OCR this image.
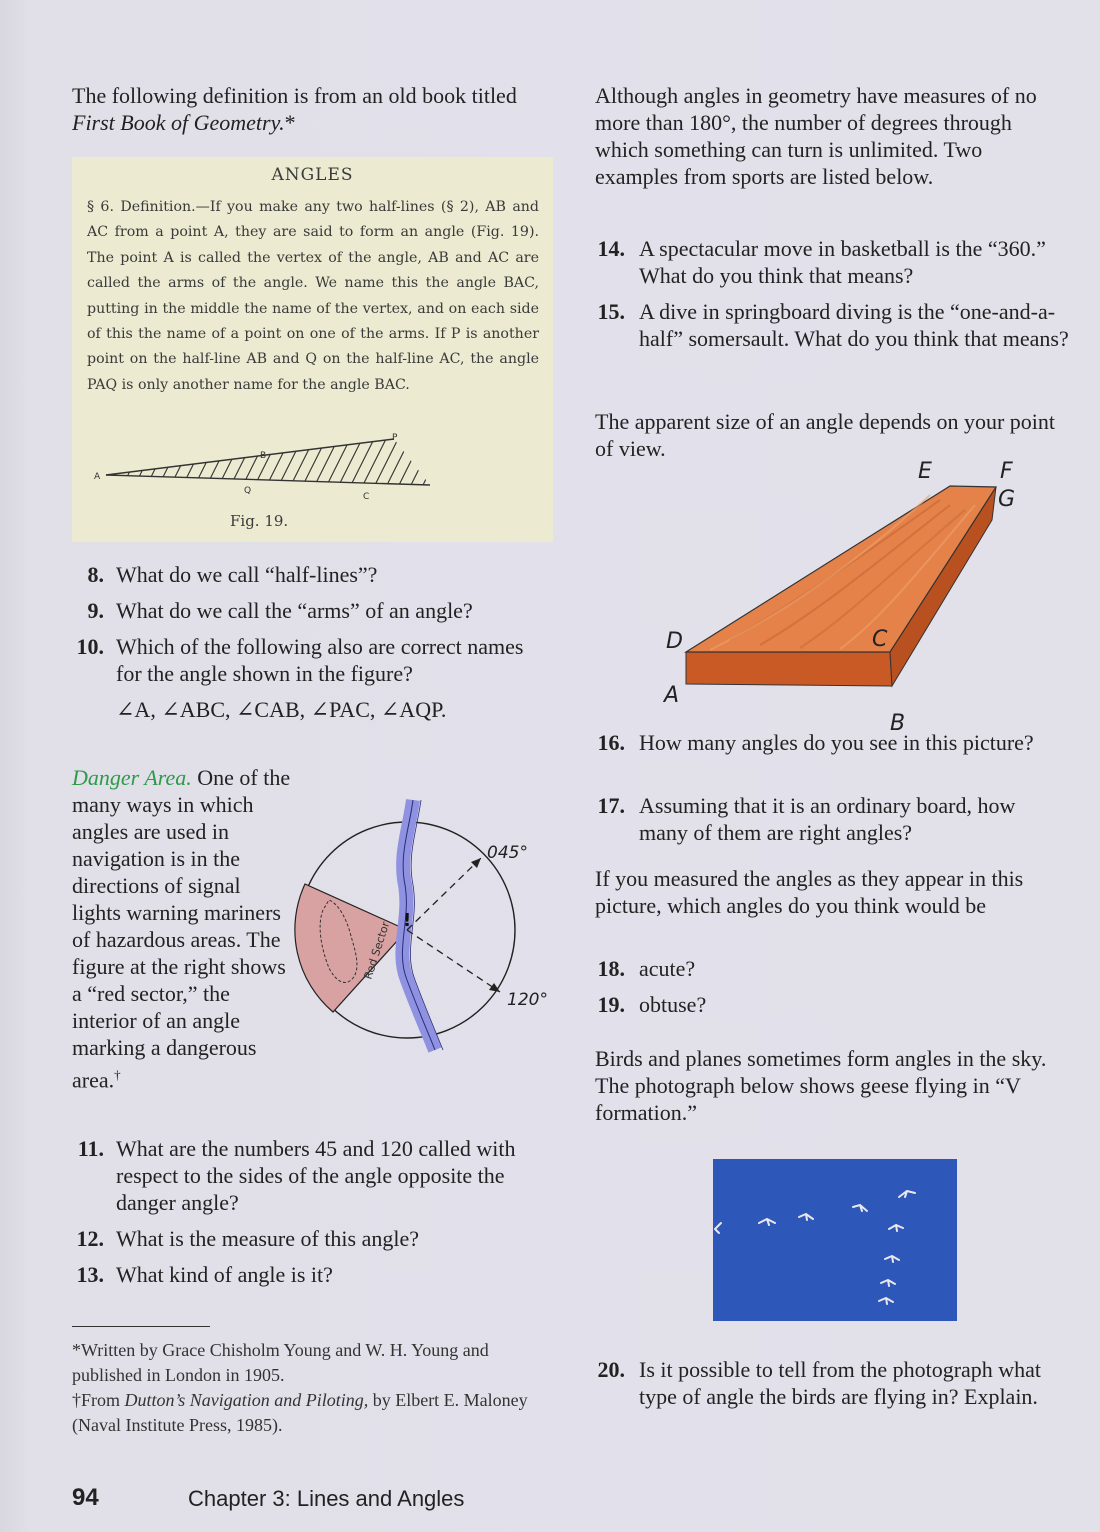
The following definition is from an old book titled First Book of Geometry.*

ANGLES
§ 6. Definition.—If you make any two half-lines (§ 2), AB and AC from a point A, they are said to form an angle (Fig. 19). The point A is called the vertex of the angle, AB and AC are called the arms of the angle. We name this the angle BAC, putting in the middle the name of the vertex, and on each side of this the name of a point on one of the arms. If P is another point on the half-line AB and Q on the half-line AC, the angle PAQ is only another name for the angle BAC.
A
B
P
Q
C
Fig. 19.
8. What do we call “half-lines”?
9. What do we call the “arms” of an angle?
10. Which of the following also are correct names for the angle shown in the figure?
∠A, ∠ABC, ∠CAB, ∠PAC, ∠AQP.

Danger Area. One of the many ways in which angles are used in navigation is in the directions of signal lights warning mariners of hazardous areas. The figure at the right shows a “red sector,” the interior of an angle marking a dangerous area.†

045°
120°
!
Red Sector
11. What are the numbers 45 and 120 called with respect to the sides of the angle opposite the danger angle?
12. What is the measure of this angle?
13. What kind of angle is it?

*Written by Grace Chisholm Young and W. H. Young and published in London in 1905.

†From Dutton’s Navigation and Piloting, by Elbert E. Maloney (Naval Institute Press, 1985).

Although angles in geometry have measures of no more than 180°, the number of degrees through which something can turn is unlimited. Two examples from sports are listed below.

14. A spectacular move in basketball is the “360.” What do you think that means?
15. A dive in springboard diving is the “one-and-a-half” somersault. What do you think that means?

The apparent size of an angle depends on your point of view.

D	C
A
B
E	F
G
16. How many angles do you see in this picture?
17. Assuming that it is an ordinary board, how many of them are right angles?

If you measured the angles as they appear in this picture, which angles do you think would be

18. acute?
19. obtuse?

Birds and planes sometimes form angles in the sky. The photograph below shows geese flying in “V formation.”

20. Is it possible to tell from the photograph what type of angle the birds are flying in? Explain.
94	Chapter 3: Lines and Angles
